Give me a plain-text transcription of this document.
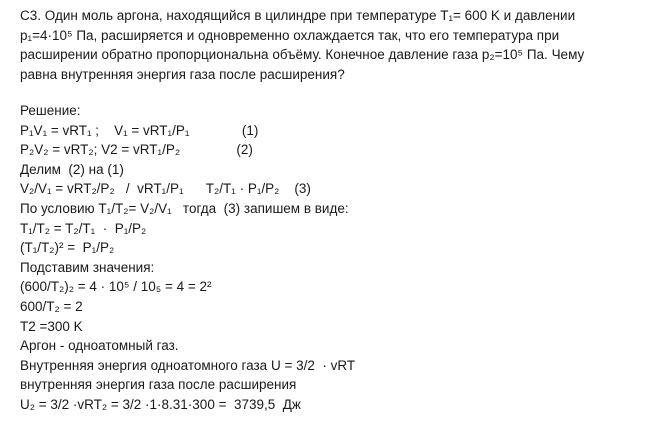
C3. Один моль аргона, находящийся в цилиндре при температуре T₁= 600 K и давлении
p₁=4·10⁵ Па, расширяется и одновременно охлаждается так, что его температура при
расширении обратно пропорциональна объёму. Конечное давление газа p₂=10⁵ Па. Чему
равна внутренняя энергия газа после расширения?
Решение:
P₁V₁ = vRT₁ ;    V₁ = vRT₁/P₁              (1)
P₂V₂ = vRT₂; V2 = vRT₁/P₂               (2)
Делим  (2) на (1)
V₂/V₁ = vRT₂/P₂   /  vRT₁/P₁      T₂/T₁ · P₁/P₂    (3)
По условию T₁/T₂= V₂/V₁   тогда  (3) запишем в виде:
T₁/T₂ = T₂/T₁  ·  P₁/P₂
(T₁/T₂)² =  P₁/P₂
Подставим значения:
(600/T₂)₂ = 4 · 10⁵ / 10₅ = 4 = 2²
600/T₂ = 2
T2 =300 K
Аргон - одноатомный газ.
Внутренняя энергия одноатомного газа U = 3/2  · vRT
внутренняя энергия газа после расширения
U₂ = 3/2 ·vRT₂ = 3/2 ·1·8.31·300 =  3739,5  Дж
